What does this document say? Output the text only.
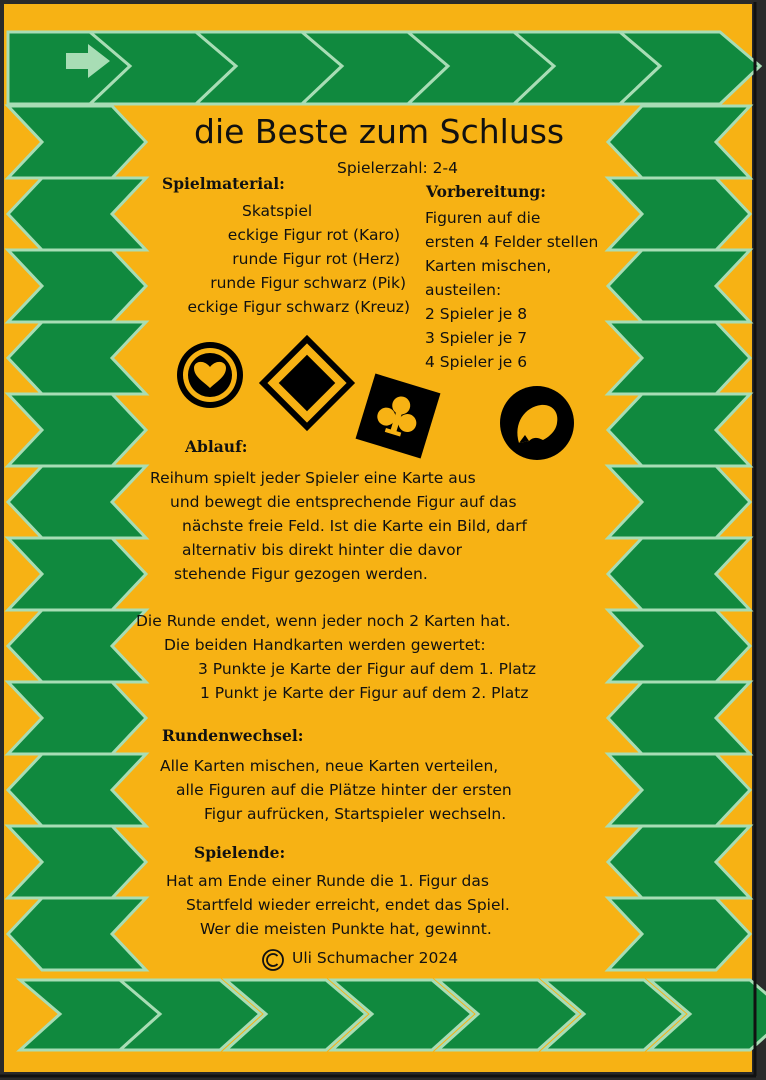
die Beste zum Schluss
Spielerzahl: 2-4
Spielmaterial:
Skatspiel
eckige Figur rot (Karo)
runde Figur rot (Herz)
runde Figur schwarz (Pik)
eckige Figur schwarz (Kreuz)
Vorbereitung:
Figuren auf die
ersten 4 Felder stellen
Karten mischen,
austeilen:
2 Spieler je 8
3 Spieler je 7
4 Spieler je 6
Ablauf:
Reihum spielt jeder Spieler eine Karte aus
und bewegt die entsprechende Figur auf das
nächste freie Feld. Ist die Karte ein Bild, darf
alternativ bis direkt hinter die davor
stehende Figur gezogen werden.
Die Runde endet, wenn jeder noch 2 Karten hat.
Die beiden Handkarten werden gewertet:
3 Punkte je Karte der Figur auf dem 1. Platz
1 Punkt je Karte der Figur auf dem 2. Platz
Rundenwechsel:
Alle Karten mischen, neue Karten verteilen,
alle Figuren auf die Plätze hinter der ersten
Figur aufrücken, Startspieler wechseln.
Spielende:
Hat am Ende einer Runde die 1. Figur das
Startfeld wieder erreicht, endet das Spiel.
Wer die meisten Punkte hat, gewinnt.
Uli Schumacher 2024
